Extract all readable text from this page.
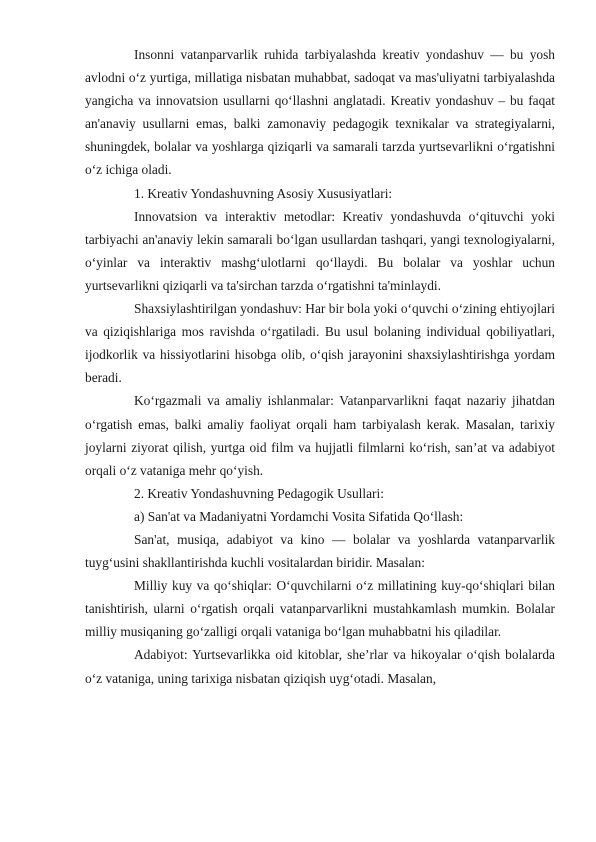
Insonni vatanparvarlik ruhida tarbiyalashda kreativ yondashuv — bu yosh avlodni o‘z yurtiga, millatiga nisbatan muhabbat, sadoqat va mas'uliyatni tarbiyalashda yangicha va innovatsion usullarni qo‘llashni anglatadi. Kreativ yondashuv – bu faqat an'anaviy usullarni emas, balki zamonaviy pedagogik texnikalar va strategiyalarni, shuningdek, bolalar va yoshlarga qiziqarli va samarali tarzda yurtsevarlikni o‘rgatishni o‘z ichiga oladi.

1. Kreativ Yondashuvning Asosiy Xususiyatlari:

Innovatsion va interaktiv metodlar: Kreativ yondashuvda o‘qituvchi yoki tarbiyachi an'anaviy lekin samarali bo‘lgan usullardan tashqari, yangi texnologiyalarni, o‘yinlar va interaktiv mashg‘ulotlarni qo‘llaydi. Bu bolalar va yoshlar uchun yurtsevarlikni qiziqarli va ta'sirchan tarzda o‘rgatishni ta'minlaydi.

Shaxsiylashtirilgan yondashuv: Har bir bola yoki o‘quvchi o‘zining ehtiyojlari va qiziqishlariga mos ravishda o‘rgatiladi. Bu usul bolaning individual qobiliyatlari, ijodkorlik va hissiyotlarini hisobga olib, o‘qish jarayonini shaxsiylashtirishga yordam beradi.

Ko‘rgazmali va amaliy ishlanmalar: Vatanparvarlikni faqat nazariy jihatdan o‘rgatish emas, balki amaliy faoliyat orqali ham tarbiyalash kerak. Masalan, tarixiy joylarni ziyorat qilish, yurtga oid film va hujjatli filmlarni ko‘rish, san’at va adabiyot orqali o‘z vataniga mehr qo‘yish.

2. Kreativ Yondashuvning Pedagogik Usullari:

a) San'at va Madaniyatni Yordamchi Vosita Sifatida Qo‘llash:

San'at, musiqa, adabiyot va kino — bolalar va yoshlarda vatanparvarlik tuyg‘usini shakllantirishda kuchli vositalardan biridir. Masalan:

Milliy kuy va qo‘shiqlar: O‘quvchilarni o‘z millatining kuy-qo‘shiqlari bilan tanishtirish, ularni o‘rgatish orqali vatanparvarlikni mustahkamlash mumkin. Bolalar milliy musiqaning go‘zalligi orqali vataniga bo‘lgan muhabbatni his qiladilar.

Adabiyot: Yurtsevarlikka oid kitoblar, she’rlar va hikoyalar o‘qish bolalarda o‘z vataniga, uning tarixiga nisbatan qiziqish uyg‘otadi. Masalan,
